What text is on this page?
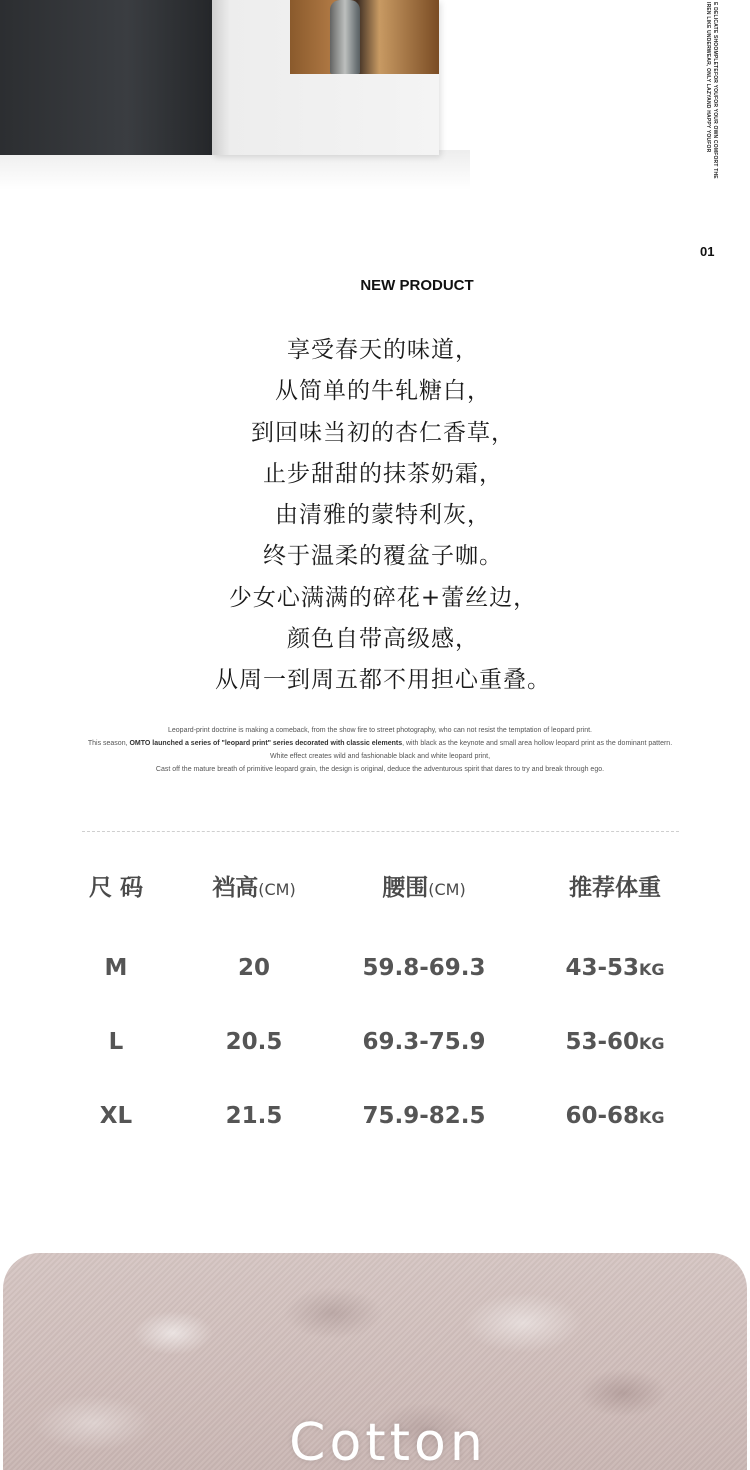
E DELICATE SHOOMPLETEFOR YOUFOR YOUR OWN COMFORT THE
IREN LIKE UNDERWEAR, ONLY LAZYAND HAPPY YOUFOR
01
NEW PRODUCT
享受春天的味道，
从简单的牛轧糖白，
到回味当初的杏仁香草，
止步甜甜的抹茶奶霜，
由清雅的蒙特利灰，
终于温柔的覆盆子咖。
少女心满满的碎花+蕾丝边，
颜色自带高级感，
从周一到周五都不用担心重叠。
Leopard-print doctrine is making a comeback, from the show fire to street photography, who can not resist the temptation of leopard print.
This season, OMTO launched a series of "leopard print" series decorated with classic elements, with black as the keynote and small area hollow leopard print as the dominant pattern.
White effect creates wild and fashionable black and white leopard print,
Cast off the mature breath of primitive leopard grain, the design is original, deduce the adventurous spirit that dares to try and break through ego.
尺 码	裆高(CM)	腰围(CM)	推荐体重
M	20	59.8-69.3	43-53KG
L	20.5	69.3-75.9	53-60KG
XL	21.5	75.9-82.5	60-68KG
Cotton
